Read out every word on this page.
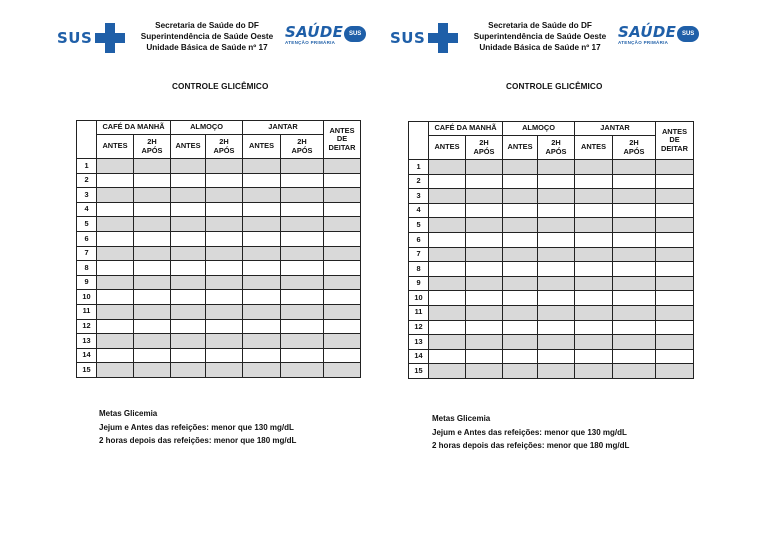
SUS
Secretaria de Saúde do DF
Superintendência de Saúde Oeste
Unidade Básica de Saúde nº 17
SAÚDE SUS
ATENÇÃO PRIMÁRIA
CONTROLE GLICÊMICO
	CAFÉ DA MANHÃ		ALMOÇO		JANTAR		ANTES DE DEITAR
	ANTES	2H APÓS	ANTES	2H APÓS	ANTES	2H APÓS	
1							
2							
3							
4							
5							
6							
7							
8							
9							
10							
11							
12							
13							
14							
15							
Metas Glicemia
Jejum e Antes das refeições: menor que 130 mg/dL
2 horas depois das refeições: menor que 180 mg/dL
SUS
Secretaria de Saúde do DF
Superintendência de Saúde Oeste
Unidade Básica de Saúde nº 17
SAÚDE SUS
ATENÇÃO PRIMÁRIA
CONTROLE GLICÊMICO
	CAFÉ DA MANHÃ		ALMOÇO		JANTAR		ANTES DE DEITAR
	ANTES	2H APÓS	ANTES	2H APÓS	ANTES	2H APÓS	
1							
2							
3							
4							
5							
6							
7							
8							
9							
10							
11							
12							
13							
14							
15							
Metas Glicemia
Jejum e Antes das refeições: menor que 130 mg/dL
2 horas depois das refeições: menor que 180 mg/dL
